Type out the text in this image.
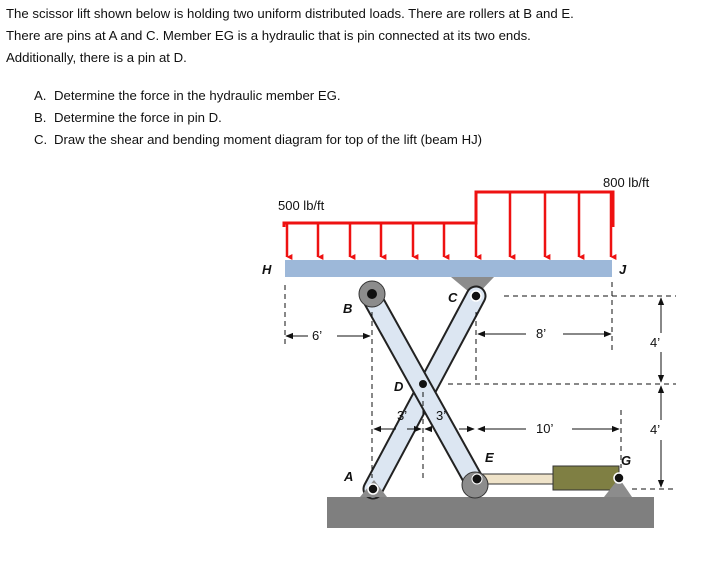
The scissor lift shown below is holding two uniform distributed loads. There are rollers at B and E.
There are pins at A and C. Member EG is a hydraulic that is pin connected at its two ends.
Additionally, there is a pin at D.
A. Determine the force in the hydraulic member EG.
B. Determine the force in pin D.
C. Draw the shear and bending moment diagram for top of the lift (beam HJ)
500 lb/ft
800 lb/ft
H	J
B
C
D
A
E	G
6’	8’
4’
4’
3’ 3’
10’
